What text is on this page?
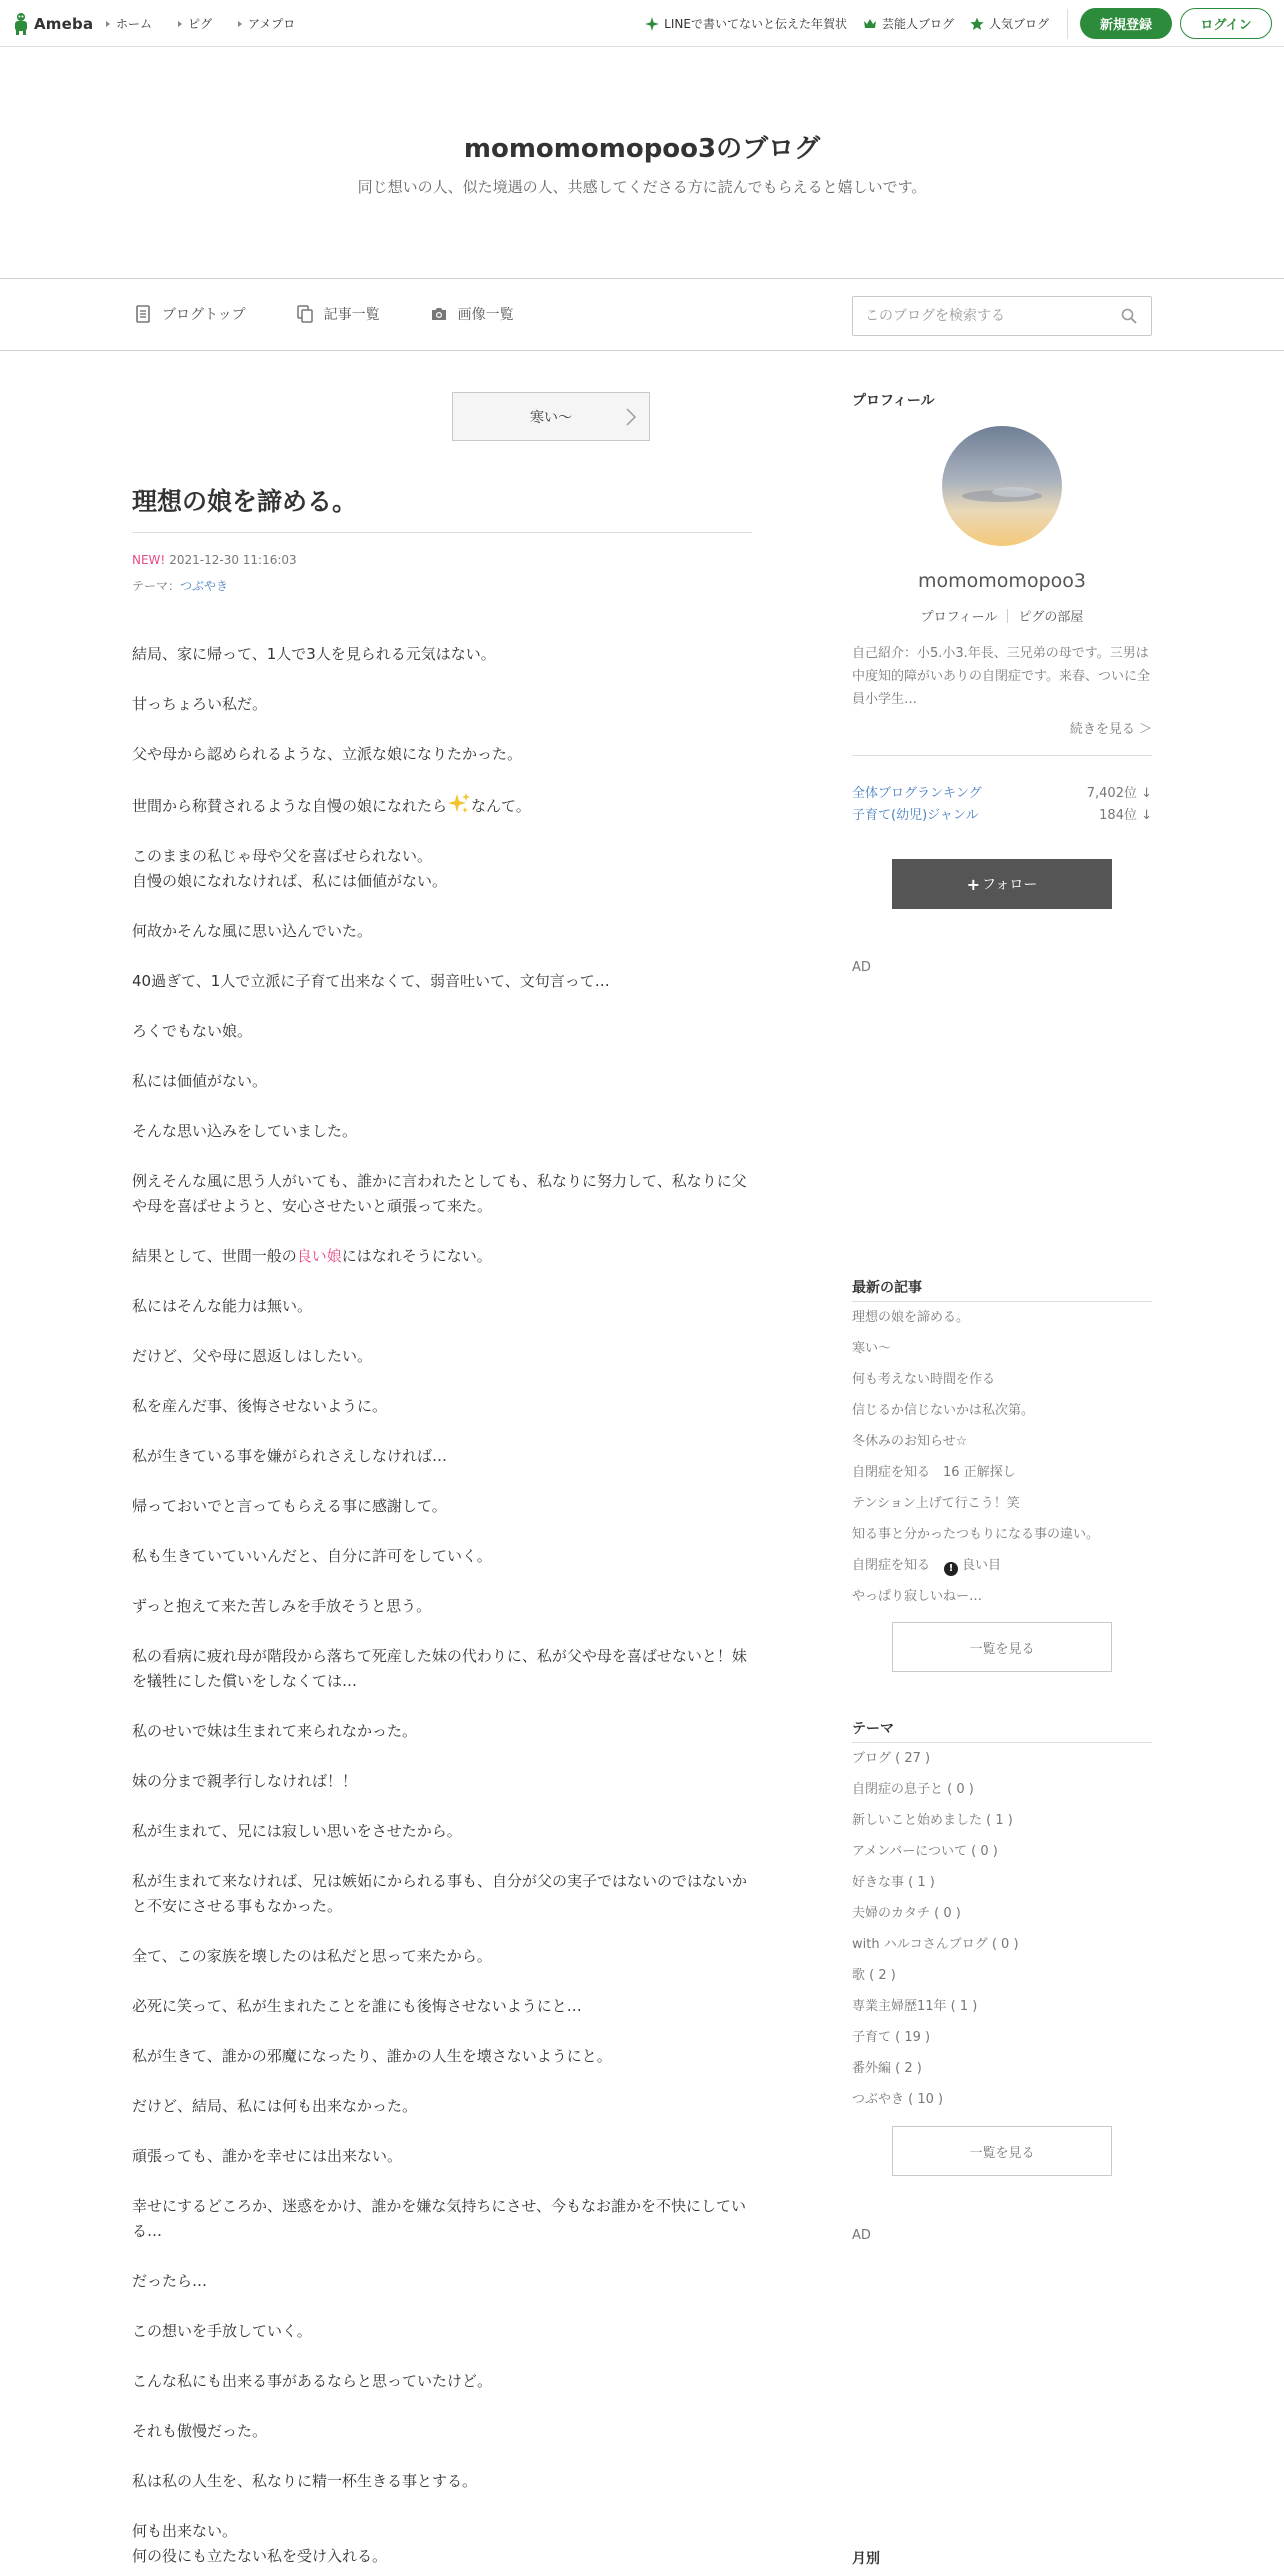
Ameba ホーム	ピグ	アメプロ	LINEで書いてないと伝えた年賀状	芸能人ブログ	人気ブログ	新規登録	ログイン
momomomopoo3のブログ
同じ想いの人、似た境遇の人、共感してくださる方に読んでもらえると嬉しいです。
ブログトップ	記事一覧	画像一覧
このブログを検索する
寒い〜
理想の娘を諦める。
NEW! 2021-12-30 11:16:03
テーマ：つぶやき

結局、家に帰って、1人で3人を見られる元気はない。

甘っちょろい私だ。

父や母から認められるような、立派な娘になりたかった。

世間から称賛されるような自慢の娘になれたら なんて。

このままの私じゃ母や父を喜ばせられない。
自慢の娘になれなければ、私には価値がない。

何故かそんな風に思い込んでいた。

40過ぎて、1人で立派に子育て出来なくて、弱音吐いて、文句言って…

ろくでもない娘。

私には価値がない。

そんな思い込みをしていました。

例えそんな風に思う人がいても、誰かに言われたとしても、私なりに努力して、私なりに父や母を喜ばせようと、安心させたいと頑張って来た。

結果として、世間一般の良い娘にはなれそうにない。

私にはそんな能力は無い。

だけど、父や母に恩返しはしたい。

私を産んだ事、後悔させないように。

私が生きている事を嫌がられさえしなければ…

帰っておいでと言ってもらえる事に感謝して。

私も生きていていいんだと、自分に許可をしていく。

ずっと抱えて来た苦しみを手放そうと思う。

私の看病に疲れ母が階段から落ちて死産した妹の代わりに、私が父や母を喜ばせないと！妹を犠牲にした償いをしなくては…

私のせいで妹は生まれて来られなかった。

妹の分まで親孝行しなければ！！

私が生まれて、兄には寂しい思いをさせたから。

私が生まれて来なければ、兄は嫉妬にかられる事も、自分が父の実子ではないのではないかと不安にさせる事もなかった。

全て、この家族を壊したのは私だと思って来たから。

必死に笑って、私が生まれたことを誰にも後悔させないようにと…

私が生きて、誰かの邪魔になったり、誰かの人生を壊さないようにと。

だけど、結局、私には何も出来なかった。

頑張っても、誰かを幸せには出来ない。

幸せにするどころか、迷惑をかけ、誰かを嫌な気持ちにさせ、今もなお誰かを不快にしている…

だったら…

この想いを手放していく。

こんな私にも出来る事があるならと思っていたけど。

それも傲慢だった。

私は私の人生を、私なりに精一杯生きる事とする。

何も出来ない。
何の役にも立たない私を受け入れる。

プロフィール
momomomopoo3
プロフィール ピグの部屋
自己紹介：小5.小3.年長、三兄弟の母です。三男は中度知的障がいありの自閉症です。来春、ついに全員小学生…
続きを見る ＞
全体ブログランキング	7,402位 ↓
子育て(幼児)ジャンル	184位 ↓
+ フォロー
AD
最新の記事
理想の娘を諦める。
寒い〜
何も考えない時間を作る
信じるか信じないかは私次第。
冬休みのお知らせ☆
自閉症を知る　16 正解探し
テンション上げて行こう！笑
知る事と分かったつもりになる事の違い。
自閉症を知る ! 良い目
やっぱり寂しいねー…
一覧を見る
テーマ
ブログ ( 27 )
自閉症の息子と ( 0 )
新しいこと始めました ( 1 )
アメンバーについて ( 0 )
好きな事 ( 1 )
夫婦のカタチ ( 0 )
with ハルコさんブログ ( 0 )
歌 ( 2 )
専業主婦歴11年 ( 1 )
子育て ( 19 )
番外編 ( 2 )
つぶやき ( 10 )
一覧を見る
AD
月別
